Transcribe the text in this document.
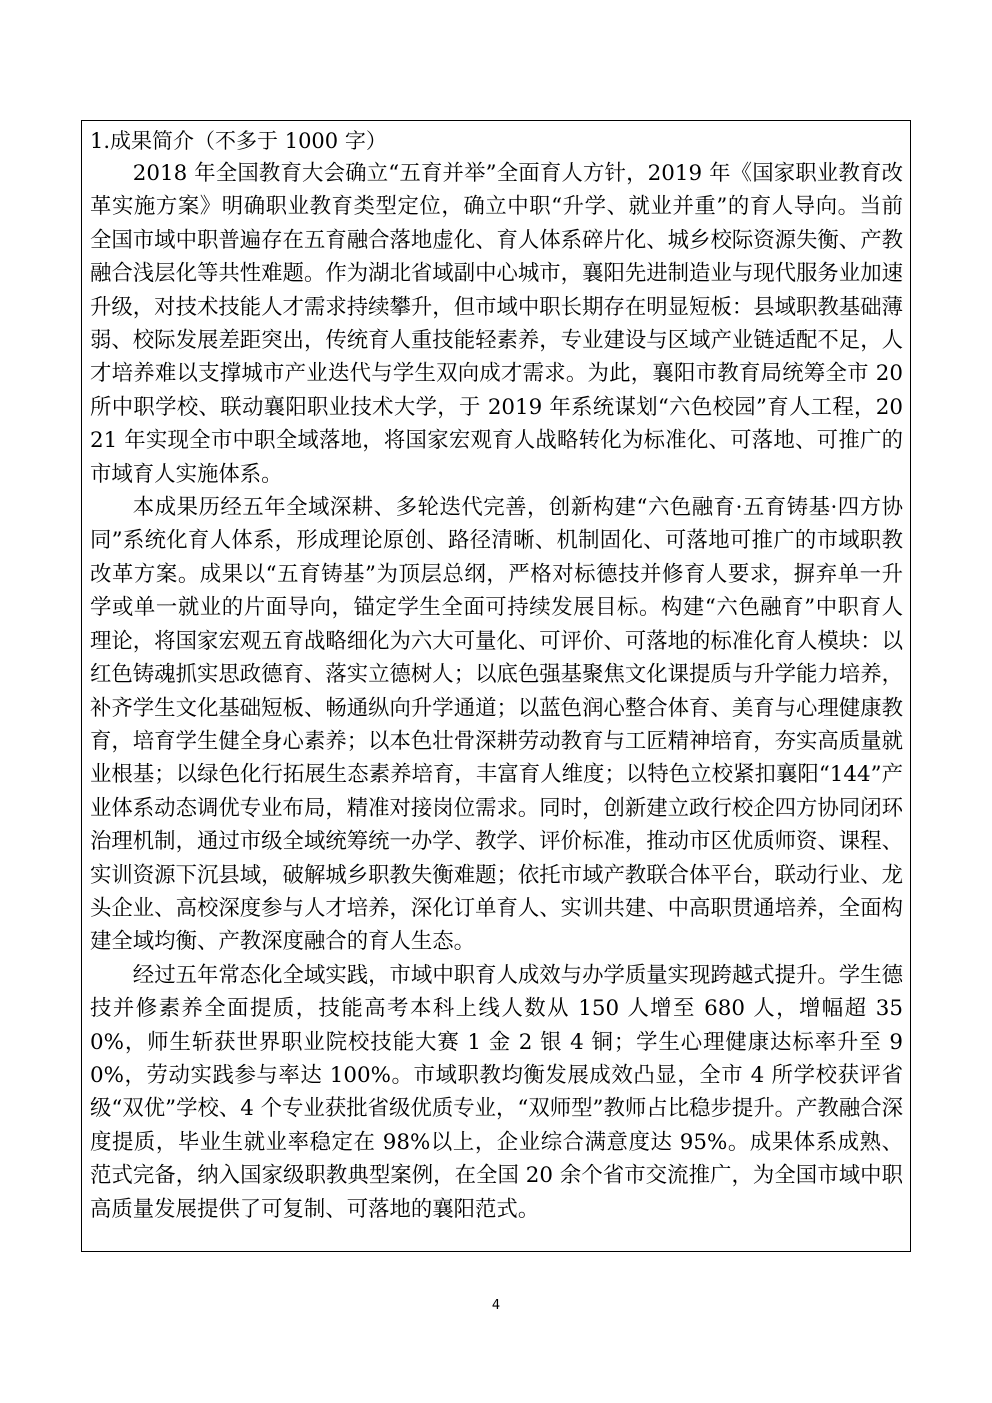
1.成果简介（不多于 1000 字）

2018 年全国教育大会确立“五育并举”全面育人方针，2019 年《国家职业教育改革实施方案》明确职业教育类型定位，确立中职“升学、就业并重”的育人导向。当前全国市域中职普遍存在五育融合落地虚化、育人体系碎片化、城乡校际资源失衡、产教融合浅层化等共性难题。作为湖北省域副中心城市，襄阳先进制造业与现代服务业加速升级，对技术技能人才需求持续攀升，但市域中职长期存在明显短板：县域职教基础薄弱、校际发展差距突出，传统育人重技能轻素养，专业建设与区域产业链适配不足，人才培养难以支撑城市产业迭代与学生双向成才需求。为此，襄阳市教育局统筹全市 20 所中职学校、联动襄阳职业技术大学，于 2019 年系统谋划“六色校园”育人工程，2021 年实现全市中职全域落地，将国家宏观育人战略转化为标准化、可落地、可推广的市域育人实施体系。

本成果历经五年全域深耕、多轮迭代完善，创新构建“六色融育·五育铸基·四方协同”系统化育人体系，形成理论原创、路径清晰、机制固化、可落地可推广的市域职教改革方案。成果以“五育铸基”为顶层总纲，严格对标德技并修育人要求，摒弃单一升学或单一就业的片面导向，锚定学生全面可持续发展目标。构建“六色融育”中职育人理论，将国家宏观五育战略细化为六大可量化、可评价、可落地的标准化育人模块：以红色铸魂抓实思政德育、落实立德树人；以底色强基聚焦文化课提质与升学能力培养，补齐学生文化基础短板、畅通纵向升学通道；以蓝色润心整合体育、美育与心理健康教育，培育学生健全身心素养；以本色壮骨深耕劳动教育与工匠精神培育，夯实高质量就业根基；以绿色化行拓展生态素养培育，丰富育人维度；以特色立校紧扣襄阳“144”产业体系动态调优专业布局，精准对接岗位需求。同时，创新建立政行校企四方协同闭环治理机制，通过市级全域统筹统一办学、教学、评价标准，推动市区优质师资、课程、实训资源下沉县域，破解城乡职教失衡难题；依托市域产教联合体平台，联动行业、龙头企业、高校深度参与人才培养，深化订单育人、实训共建、中高职贯通培养，全面构建全域均衡、产教深度融合的育人生态。

经过五年常态化全域实践，市域中职育人成效与办学质量实现跨越式提升。学生德技并修素养全面提质，技能高考本科上线人数从 150 人增至 680 人，增幅超 350%，师生斩获世界职业院校技能大赛 1 金 2 银 4 铜；学生心理健康达标率升至 90%，劳动实践参与率达 100%。市域职教均衡发展成效凸显，全市 4 所学校获评省级“双优”学校、4 个专业获批省级优质专业，“双师型”教师占比稳步提升。产教融合深度提质，毕业生就业率稳定在 98%以上，企业综合满意度达 95%。成果体系成熟、范式完备，纳入国家级职教典型案例，在全国 20 余个省市交流推广，为全国市域中职高质量发展提供了可复制、可落地的襄阳范式。

4
